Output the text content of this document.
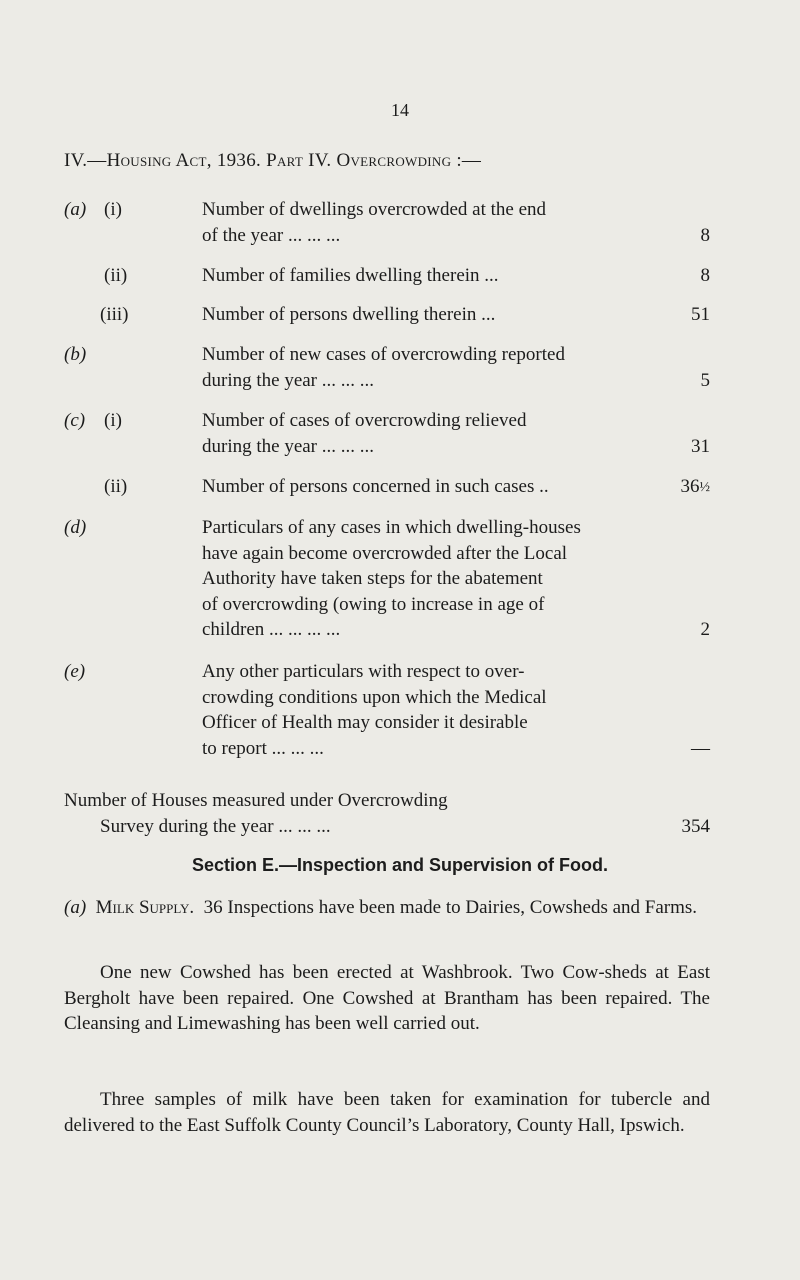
14
IV.—Housing Act, 1936. Part IV. Overcrowding :—
(a) (i)	Number of dwellings overcrowded at the end
of the year ... ... ...	8
(ii)	Number of families dwelling therein ...	8
(iii)	Number of persons dwelling therein ...	51
(b)	Number of new cases of overcrowding reported
during the year ... ... ...	5
(c) (i)	Number of cases of overcrowding relieved
during the year ... ... ...	31
(ii)	Number of persons concerned in such cases ..	36½
(d)	Particulars of any cases in which dwelling-houses
have again become overcrowded after the Local
Authority have taken steps for the abatement
of overcrowding (owing to increase in age of
children ... ... ... ...	2
(e)	Any other particulars with respect to over-
crowding conditions upon which the Medical
Officer of Health may consider it desirable
to report ... ... ...	—
Number of Houses measured under Overcrowding
Survey during the year ... ... ...	354
Section E.—Inspection and Supervision of Food.
(a) Milk Supply. 36 Inspections have been made to Dairies, Cowsheds and Farms.
One new Cowshed has been erected at Washbrook. Two Cow-sheds at East Bergholt have been repaired. One Cowshed at Brantham has been repaired. The Cleansing and Limewashing has been well carried out.
Three samples of milk have been taken for examination for tubercle and delivered to the East Suffolk County Council’s Laboratory, County Hall, Ipswich.
